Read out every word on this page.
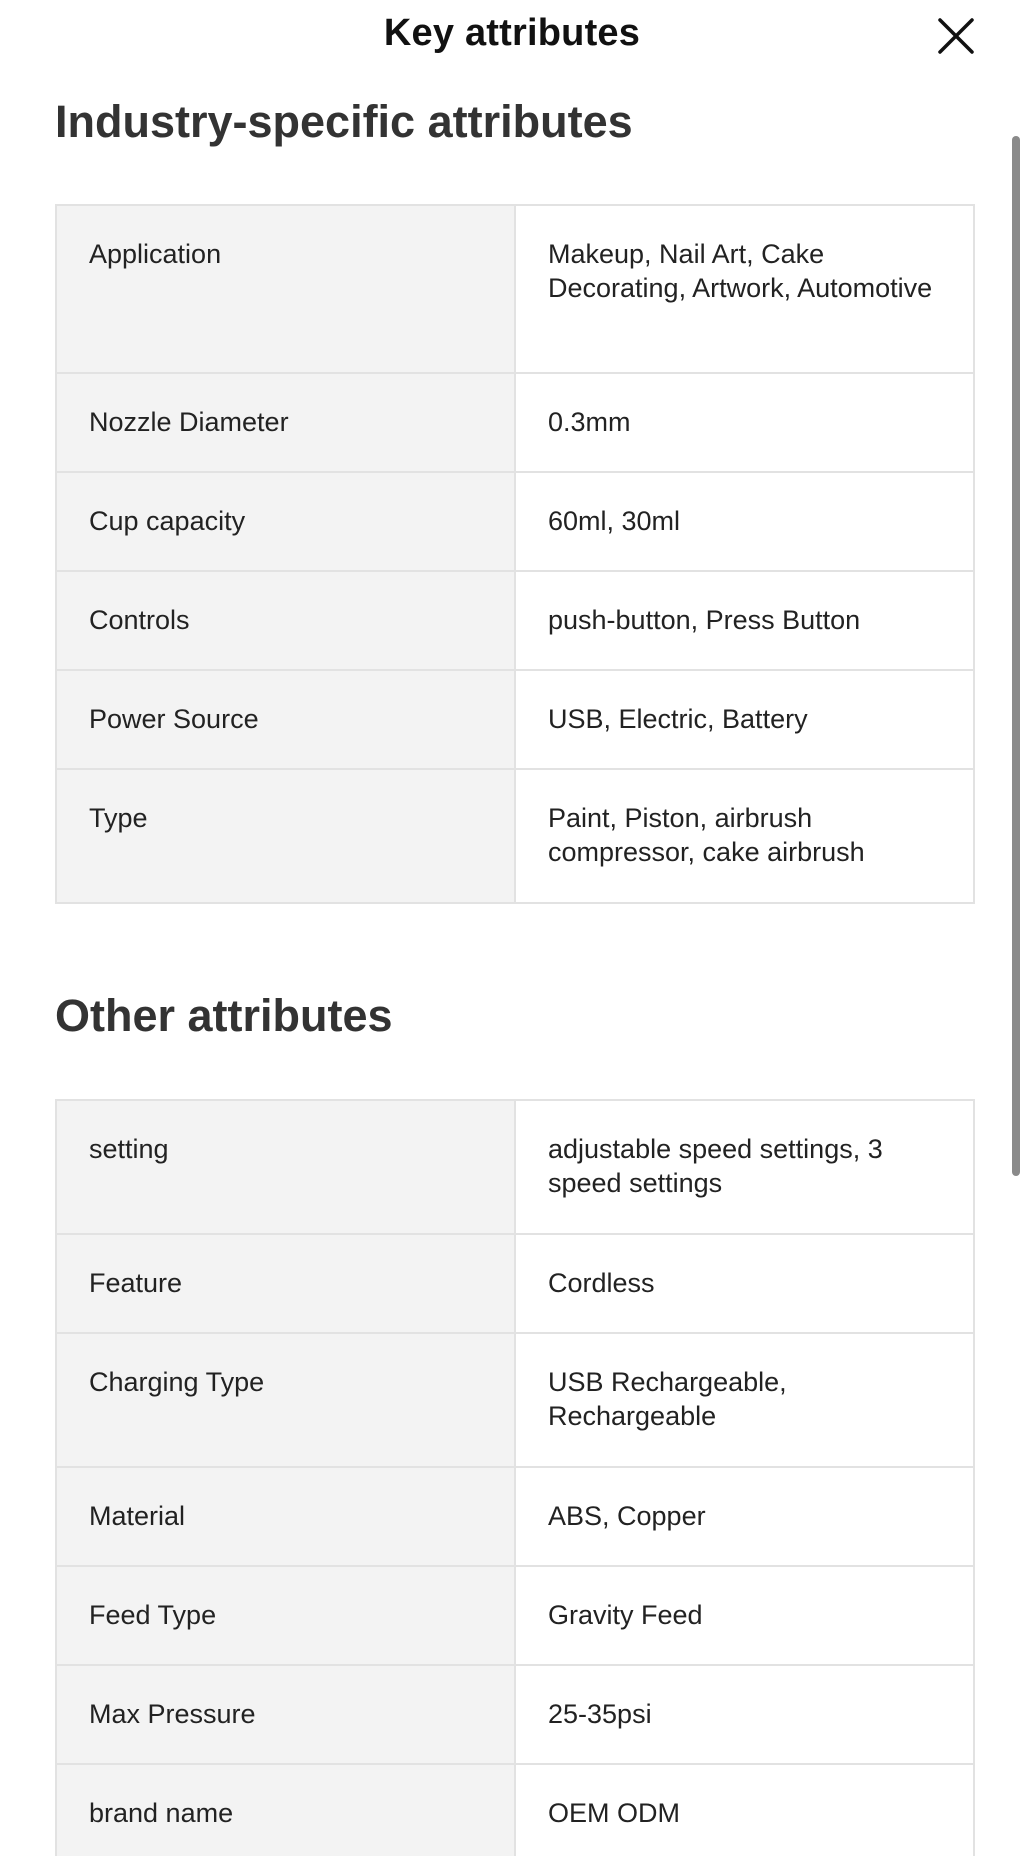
Key attributes
Industry-specific attributes
Application	Makeup, Nail Art, Cake Decorating, Artwork, Automotive

Nozzle Diameter	0.3mm

Cup capacity	60ml, 30ml

Controls	push-button, Press Button

Power Source	USB, Electric, Battery

Type	Paint, Piston, airbrush compressor, cake airbrush
Other attributes
setting	adjustable speed settings, 3 speed settings

Feature	Cordless

Charging Type	USB Rechargeable, Rechargeable

Material	ABS, Copper

Feed Type	Gravity Feed

Max Pressure	25-35psi

brand name	OEM ODM
